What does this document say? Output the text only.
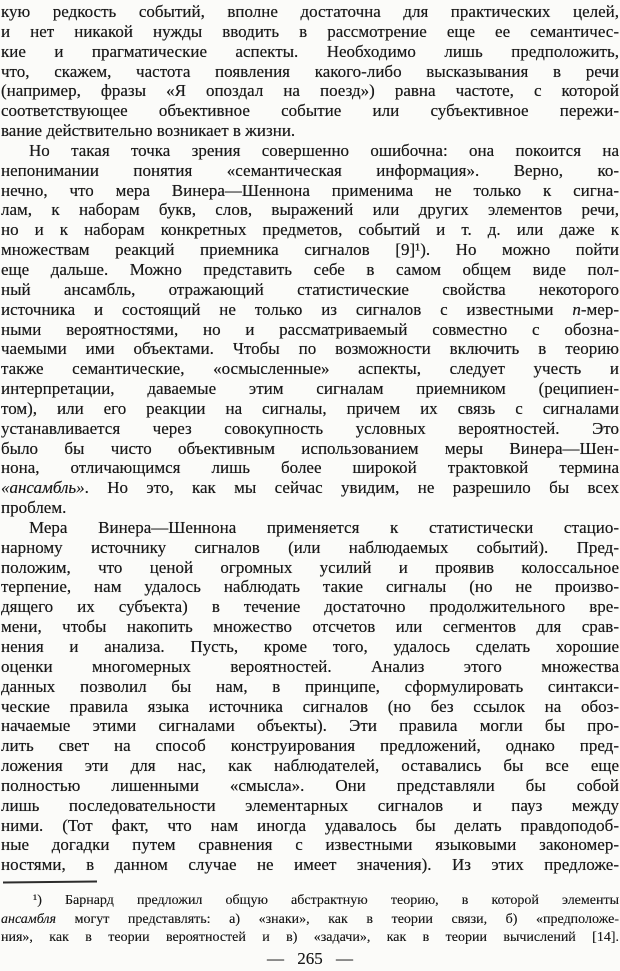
кую редкость событий, вполне достаточна для практических целей,
и нет никакой нужды вводить в рассмотрение еще ее семантичес-
кие и прагматические аспекты. Необходимо лишь предположить,
что, скажем, частота появления какого-либо высказывания в речи
(например, фразы «Я опоздал на поезд») равна частоте, с которой
соответствующее объективное событие или субъективное пережи-
вание действительно возникает в жизни.
Но такая точка зрения совершенно ошибочна: она покоится на
непонимании понятия «семантическая информация». Верно, ко-
нечно, что мера Винера—Шеннона применима не только к сигна-
лам, к наборам букв, слов, выражений или других элементов речи,
но и к наборам конкретных предметов, событий и т. д. или даже к
множествам реакций приемника сигналов [9]¹). Но можно пойти
еще дальше. Можно представить себе в самом общем виде пол-
ный ансамбль, отражающий статистические свойства некоторого
источника и состоящий не только из сигналов с известными n-мер-
ными вероятностями, но и рассматриваемый совместно с обозна-
чаемыми ими объектами. Чтобы по возможности включить в теорию
также семантические, «осмысленные» аспекты, следует учесть и
интерпретации, даваемые этим сигналам приемником (реципиен-
том), или его реакции на сигналы, причем их связь с сигналами
устанавливается через совокупность условных вероятностей. Это
было бы чисто объективным использованием меры Винера—Шен-
нона, отличающимся лишь более широкой трактовкой термина
«ансамбль». Но это, как мы сейчас увидим, не разрешило бы всех
проблем.
Мера Винера—Шеннона применяется к статистически стацио-
нарному источнику сигналов (или наблюдаемых событий). Пред-
положим, что ценой огромных усилий и проявив колоссальное
терпение, нам удалось наблюдать такие сигналы (но не произво-
дящего их субъекта) в течение достаточно продолжительного вре-
мени, чтобы накопить множество отсчетов или сегментов для срав-
нения и анализа. Пусть, кроме того, удалось сделать хорошие
оценки многомерных вероятностей. Анализ этого множества
данных позволил бы нам, в принципе, сформулировать синтакси-
ческие правила языка источника сигналов (но без ссылок на обоз-
начаемые этими сигналами объекты). Эти правила могли бы про-
лить свет на способ конструирования предложений, однако пред-
ложения эти для нас, как наблюдателей, оставались бы все еще
полностью лишенными «смысла». Они представляли бы собой
лишь последовательности элементарных сигналов и пауз между
ними. (Тот факт, что нам иногда удавалось бы делать правдоподоб-
ные догадки путем сравнения с известными языковыми закономер-
ностями, в данном случае не имеет значения). Из этих предложе-
¹) Барнард предложил общую абстрактную теорию, в которой элементы
ансамбля могут представлять: а) «знаки», как в теории связи, б) «предположе-
ния», как в теории вероятностей и в) «задачи», как в теории вычислений [14].
— 265 —
